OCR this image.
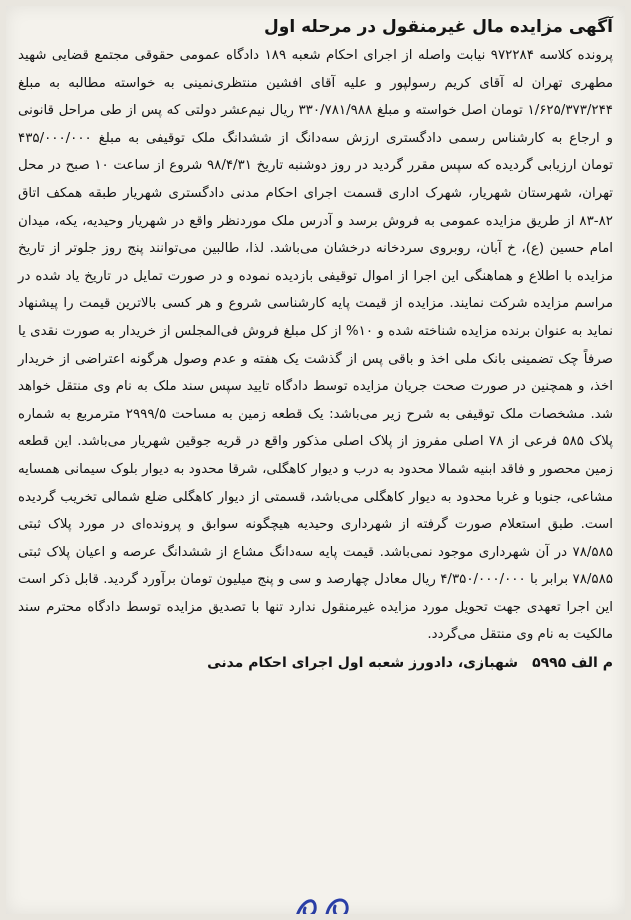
آگهی مزایده مال غیرمنقول در مرحله اول

پرونده کلاسه ۹۷۲۲۸۴ نیابت واصله از اجرای احکام شعبه ۱۸۹ دادگاه عمومی حقوقی مجتمع قضایی شهید مطهری تهران له آقای کریم رسولپور و علیه آقای افشین منتظری‌نمینی به خواسته مطالبه به مبلغ ۱/۶۲۵/۳۷۳/۲۴۴ تومان اصل خواسته و مبلغ ۳۳۰/۷۸۱/۹۸۸ ریال نیم‌عشر دولتی که پس از طی مراحل قانونی و ارجاع به کارشناس رسمی دادگستری ارزش سه‌دانگ از ششدانگ ملک توقیفی به مبلغ ۴۳۵/۰۰۰/۰۰۰ تومان ارزیابی گردیده که سپس مقرر گردید در روز دوشنبه تاریخ ۹۸/۴/۳۱ شروع از ساعت ۱۰ صبح در محل تهران، شهرستان شهریار، شهرک اداری قسمت اجرای احکام مدنی دادگستری شهریار طبقه همکف اتاق ۸۲-۸۳ از طریق مزایده عمومی به فروش برسد و آدرس ملک موردنظر واقع در شهریار وحیدیه، یکه، میدان امام حسین (ع)، خ آبان، روبروی سردخانه درخشان می‌باشد. لذا، طالبین می‌توانند پنج روز جلوتر از تاریخ مزایده با اطلاع و هماهنگی این اجرا از اموال توقیفی بازدیده نموده و در صورت تمایل در تاریخ یاد شده در مراسم مزایده شرکت نمایند. مزایده از قیمت پایه کارشناسی شروع و هر کسی بالاترین قیمت را پیشنهاد نماید به عنوان برنده مزایده شناخته شده و ۱۰% از کل مبلغ فروش فی‌المجلس از خریدار به صورت نقدی یا صرفاً چک تضمینی بانک ملی اخذ و باقی پس از گذشت یک هفته و عدم وصول هرگونه اعتراضی از خریدار اخذ، و همچنین در صورت صحت جریان مزایده توسط دادگاه تایید سپس سند ملک به نام وی منتقل خواهد شد. مشخصات ملک توقیفی به شرح زیر می‌باشد: یک قطعه زمین به مساحت ۲۹۹۹/۵ مترمربع به شماره پلاک ۵۸۵ فرعی از ۷۸ اصلی مفروز از پلاک اصلی مذکور واقع در قریه جوقین شهریار می‌باشد. این قطعه زمین محصور و فاقد ابنیه شمالا محدود به درب و دیوار کاهگلی، شرقا محدود به دیوار بلوک سیمانی همسایه مشاعی، جنوبا و غربا محدود به دیوار کاهگلی می‌باشد، قسمتی از دیوار کاهگلی ضلع شمالی تخریب گردیده است. طبق استعلام صورت گرفته از شهرداری وحیدیه هیچگونه سوابق و پرونده‌ای در مورد پلاک ثبتی ۷۸/۵۸۵ در آن شهرداری موجود نمی‌باشد. قیمت پایه سه‌دانگ مشاع از ششدانگ عرصه و اعیان پلاک ثبتی ۷۸/۵۸۵ برابر با ۴/۳۵۰/۰۰۰/۰۰۰ ریال معادل چهارصد و سی و پنج میلیون تومان برآورد گردید. قابل ذکر است این اجرا تعهدی جهت تحویل مورد مزایده غیرمنقول ندارد تنها با تصدیق مزایده توسط دادگاه محترم سند مالکیت به نام وی منتقل می‌گردد.

م الف ۵۹۹۵
شهبازی، دادورز شعبه اول اجرای احکام مدنی
